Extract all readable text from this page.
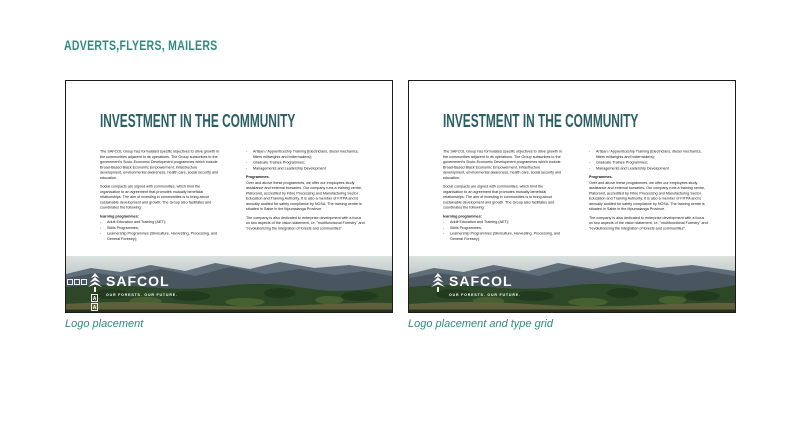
ADVERTS,FLYERS, MAILERS
INVESTMENT IN THE COMMUNITY

The SAFCOL Group has formulated specific objectives to drive growth in the communities adjacent to its operations. The Group subscribes to the government's Socio-Economic Development programmes which include Broad-Based Black Economic Empowerment, infrastructure development, environmental awareness, health care, social security and education.

Social compacts are signed with communities, which bind the organisation to an agreement that promotes mutually beneficial relationships. The aim of investing in communities is to bring about sustainable development and growth. The Group also facilitates and coordinates the following

learning programmes:
- Adult Education and Training (AET);
- Skills Programmes;
- Learnership Programmes (Silviculture, Harvesting, Processing, and General Forestry);
- Artisan / Apprenticeship Training (Electricians, diesel mechanics, fitters millwrights and boilermakers);
- Graduate Trainee Programmes;
- Managements and Leadership Development

Programmes.

Over and above these programmes, we offer our employees study assistance and external bursaries. Our company runs a training centre, Platorand, accredited by Fibre Processing and Manufacturing Sector Education and Training Authority. It is also a member of FITPA and is annually audited for safety compliance by NOSA. The training centre is situated in Sabie in the Mpumalanga Province.

The company is also dedicated to enterprise development with a focus on two aspects of the vision statement, i.e, "multifunctional Forestry" and "revolutionizing the integration of forests and communities".

SAFCOL
OUR FORESTS. OUR FUTURE.
A
A
INVESTMENT IN THE COMMUNITY

The SAFCOL Group has formulated specific objectives to drive growth in the communities adjacent to its operations. The Group subscribes to the government's Socio-Economic Development programmes which include Broad-Based Black Economic Empowerment, infrastructure development, environmental awareness, health care, social security and education.

Social compacts are signed with communities, which bind the organisation to an agreement that promotes mutually beneficial relationships. The aim of investing in communities is to bring about sustainable development and growth. The Group also facilitates and coordinates the following

learning programmes:
- Adult Education and Training (AET);
- Skills Programmes;
- Learnership Programmes (Silviculture, Harvesting, Processing, and General Forestry);
- Artisan / Apprenticeship Training (Electricians, diesel mechanics, fitters millwrights and boilermakers);
- Graduate Trainee Programmes;
- Managements and Leadership Development

Programmes.

Over and above these programmes, we offer our employees study assistance and external bursaries. Our company runs a training centre, Platorand, accredited by Fibre Processing and Manufacturing Sector Education and Training Authority. It is also a member of FITPA and is annually audited for safety compliance by NOSA. The training centre is situated in Sabie in the Mpumalanga Province.

The company is also dedicated to enterprise development with a focus on two aspects of the vision statement, i.e, "multifunctional Forestry" and "revolutionizing the integration of forests and communities".

SAFCOL
OUR FORESTS. OUR FUTURE.
Logo placement	Logo placement and type grid
